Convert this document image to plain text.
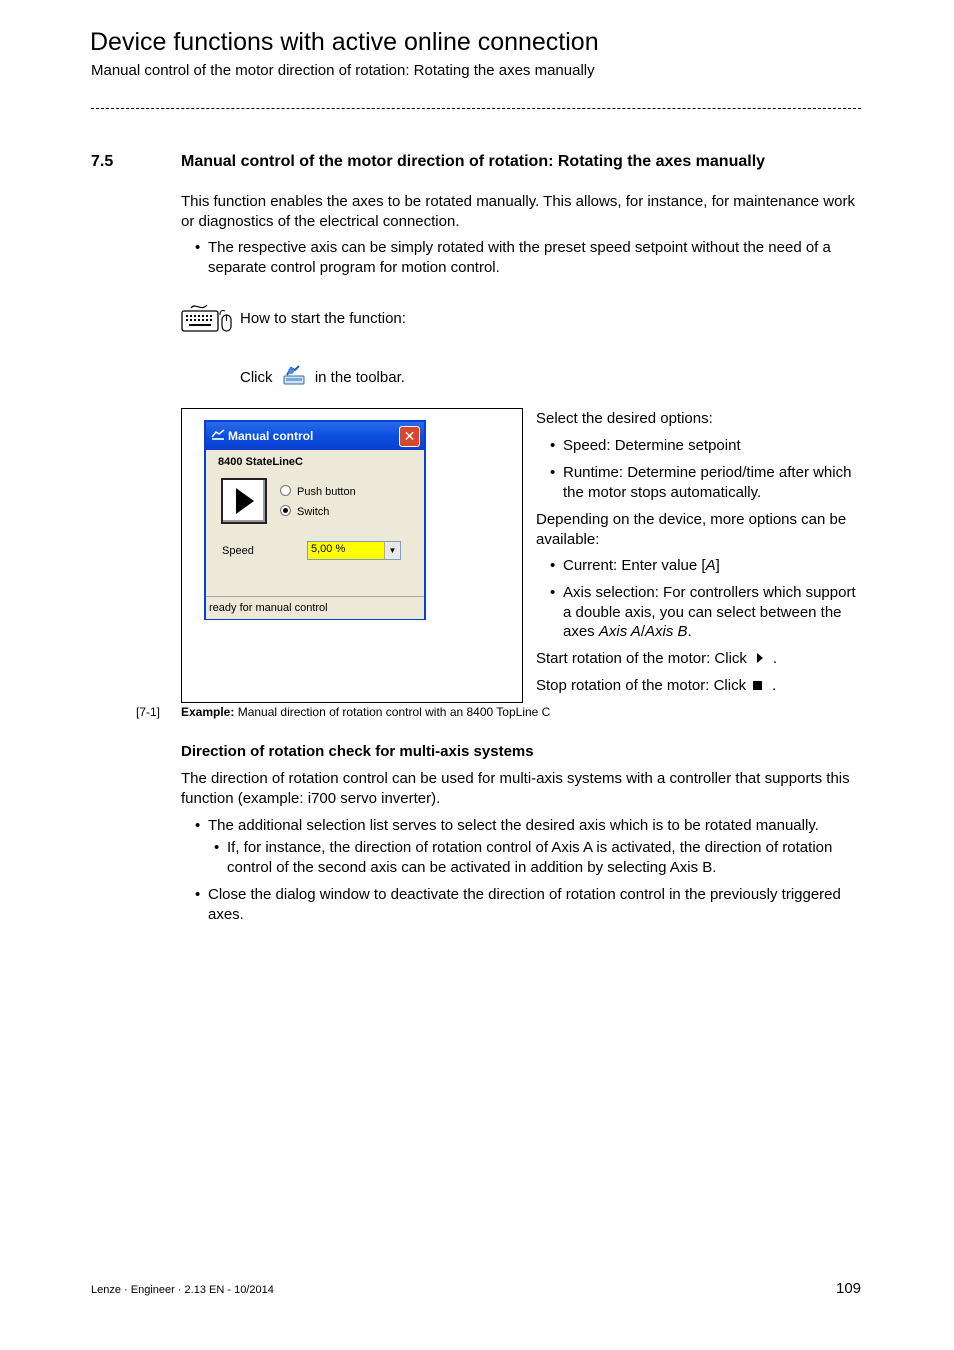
Device functions with active online connection
Manual control of the motor direction of rotation: Rotating the axes manually
7.5	Manual control of the motor direction of rotation: Rotating the axes manually
This function enables the axes to be rotated manually. This allows, for instance, for maintenance work or diagnostics of the electrical connection.
• The respective axis can be simply rotated with the preset speed setpoint without the need of a separate control program for motion control.
How to start the function:
Click	in the toolbar.
Manual control	✕
8400 StateLineC
Push button
Switch
Speed	5,00 %	▼
ready for manual control
Select the desired options:
• Speed: Determine setpoint
• Runtime: Determine period/time after which the motor stops automatically.
Depending on the device, more options can be available:
• Current: Enter value [A]
• Axis selection: For controllers which support a double axis, you can select between the axes Axis A/Axis B.
Start rotation of the motor: Click .
Stop rotation of the motor: Click .
[7-1] Example: Manual direction of rotation control with an 8400 TopLine C
Direction of rotation check for multi-axis systems
The direction of rotation control can be used for multi-axis systems with a controller that supports this function (example: i700 servo inverter).
• The additional selection list serves to select the desired axis which is to be rotated manually.
• If, for instance, the direction of rotation control of Axis A is activated, the direction of rotation control of the second axis can be activated in addition by selecting Axis B.
• Close the dialog window to deactivate the direction of rotation control in the previously triggered axes.
Lenze · Engineer · 2.13 EN - 10/2014	109
